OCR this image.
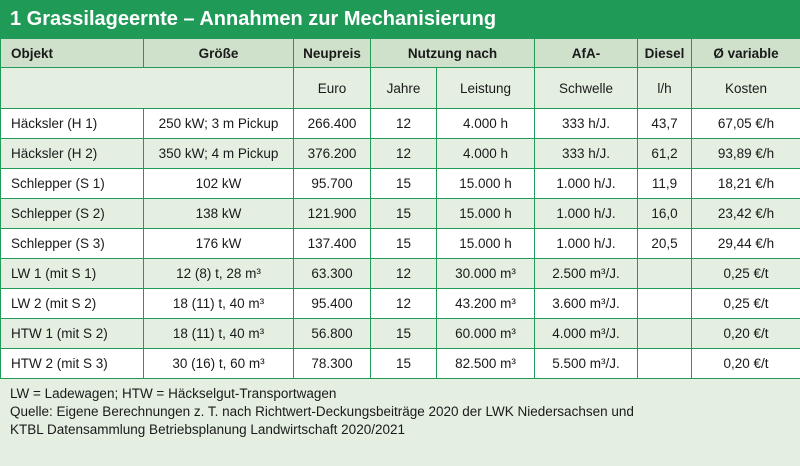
1 Grassilageernte – Annahmen zur Mechanisierung
Objekt	Größe	Neupreis	Nutzung nach		AfA-	Diesel	Ø variable
		Euro	Jahre	Leistung	Schwelle	l/h	Kosten
Häcksler (H 1)	250 kW; 3 m Pickup	266.400	12	4.000 h	333 h/J.	43,7	67,05 €/h
Häcksler (H 2)	350 kW; 4 m Pickup	376.200	12	4.000 h	333 h/J.	61,2	93,89 €/h
Schlepper (S 1)	102 kW	95.700	15	15.000 h	1.000 h/J.	11,9	18,21 €/h
Schlepper (S 2)	138 kW	121.900	15	15.000 h	1.000 h/J.	16,0	23,42 €/h
Schlepper (S 3)	176 kW	137.400	15	15.000 h	1.000 h/J.	20,5	29,44 €/h
LW 1 (mit S 1)	12 (8) t, 28 m³	63.300	12	30.000 m³	2.500 m³/J.		0,25 €/t
LW 2 (mit S 2)	18 (11) t, 40 m³	95.400	12	43.200 m³	3.600 m³/J.		0,25 €/t
HTW 1 (mit S 2)	18 (11) t, 40 m³	56.800	15	60.000 m³	4.000 m³/J.		0,20 €/t
HTW 2 (mit S 3)	30 (16) t, 60 m³	78.300	15	82.500 m³	5.500 m³/J.		0,20 €/t
LW = Ladewagen; HTW = Häckselgut-Transportwagen
Quelle: Eigene Berechnungen z. T. nach Richtwert-Deckungsbeiträge 2020 der LWK Niedersachsen und
KTBL Datensammlung Betriebsplanung Landwirtschaft 2020/2021
